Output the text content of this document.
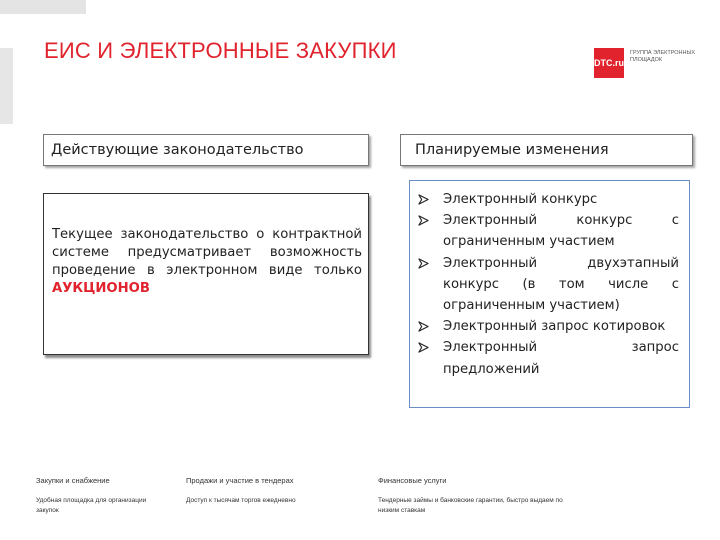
ЕИС И ЭЛЕКТРОННЫЕ ЗАКУПКИ	DTC.ru
ГРУППА ЭЛЕКТРОННЫХ ПЛОЩАДОК
Действующие законодательство	Планируемые изменения

Текущее законодательство о контрактной системе предусматривает возможность проведение в электронном виде только АУКЦИОНОВ

Электронный конкурс
Электронный конкурс с ограниченным участием
Электронный двухэтапный конкурс (в том числе с ограниченным участием)
Электронный запрос котировок
Электронный запрос предложений
Закупки и снабжение
Удобная площадка для организации закупок
Продажи и участие в тендерах
Доступ к тысячам торгов ежедневно
Финансовые услуги
Тендерные займы и банковские гарантии, быстро выдаем по низким ставкам
